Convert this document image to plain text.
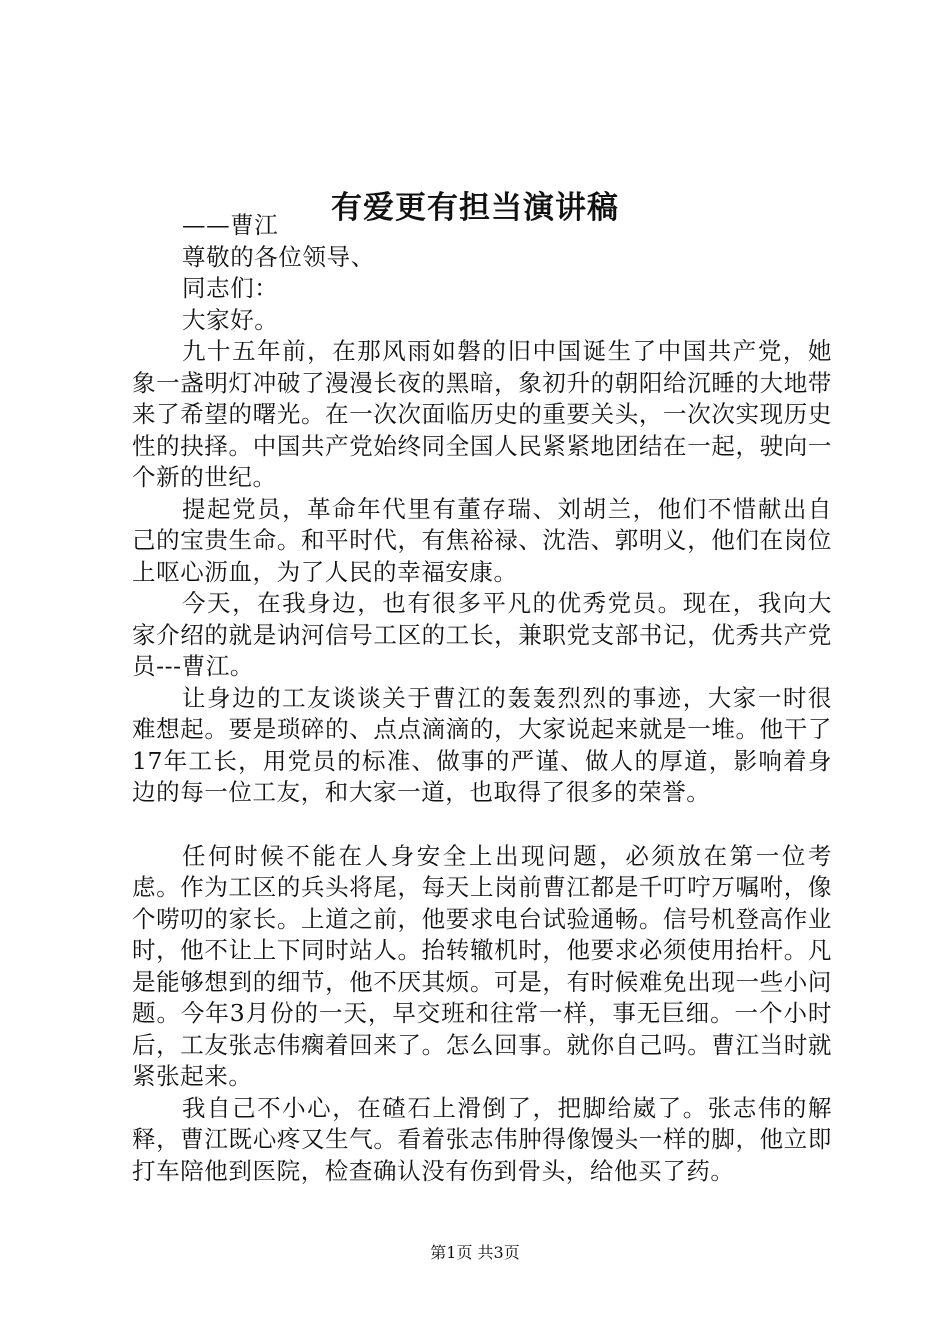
有爱更有担当演讲稿
——曹江
尊敬的各位领导、
同志们：
大家好。

九十五年前，在那风雨如磐的旧中国诞生了中国共产党，她象一盏明灯冲破了漫漫长夜的黑暗，象初升的朝阳给沉睡的大地带来了希望的曙光。在一次次面临历史的重要关头，一次次实现历史性的抉择。中国共产党始终同全国人民紧紧地团结在一起，驶向一个新的世纪。

提起党员，革命年代里有董存瑞、刘胡兰，他们不惜献出自己的宝贵生命。和平时代，有焦裕禄、沈浩、郭明义，他们在岗位上呕心沥血，为了人民的幸福安康。

今天，在我身边，也有很多平凡的优秀党员。现在，我向大家介绍的就是讷河信号工区的工长，兼职党支部书记，优秀共产党员---曹江。

让身边的工友谈谈关于曹江的轰轰烈烈的事迹，大家一时很难想起。要是琐碎的、点点滴滴的，大家说起来就是一堆。他干了17年工长，用党员的标准、做事的严谨、做人的厚道，影响着身边的每一位工友，和大家一道，也取得了很多的荣誉。

任何时候不能在人身安全上出现问题，必须放在第一位考虑。作为工区的兵头将尾，每天上岗前曹江都是千叮咛万嘱咐，像个唠叨的家长。上道之前，他要求电台试验通畅。信号机登高作业时，他不让上下同时站人。抬转辙机时，他要求必须使用抬杆。凡是能够想到的细节，他不厌其烦。可是，有时候难免出现一些小问题。今年3月份的一天，早交班和往常一样，事无巨细。一个小时后，工友张志伟瘸着回来了。怎么回事。就你自己吗。曹江当时就紧张起来。

我自己不小心，在碴石上滑倒了，把脚给崴了。张志伟的解释，曹江既心疼又生气。看着张志伟肿得像馒头一样的脚，他立即打车陪他到医院，检查确认没有伤到骨头，给他买了药。

第1页 共3页
